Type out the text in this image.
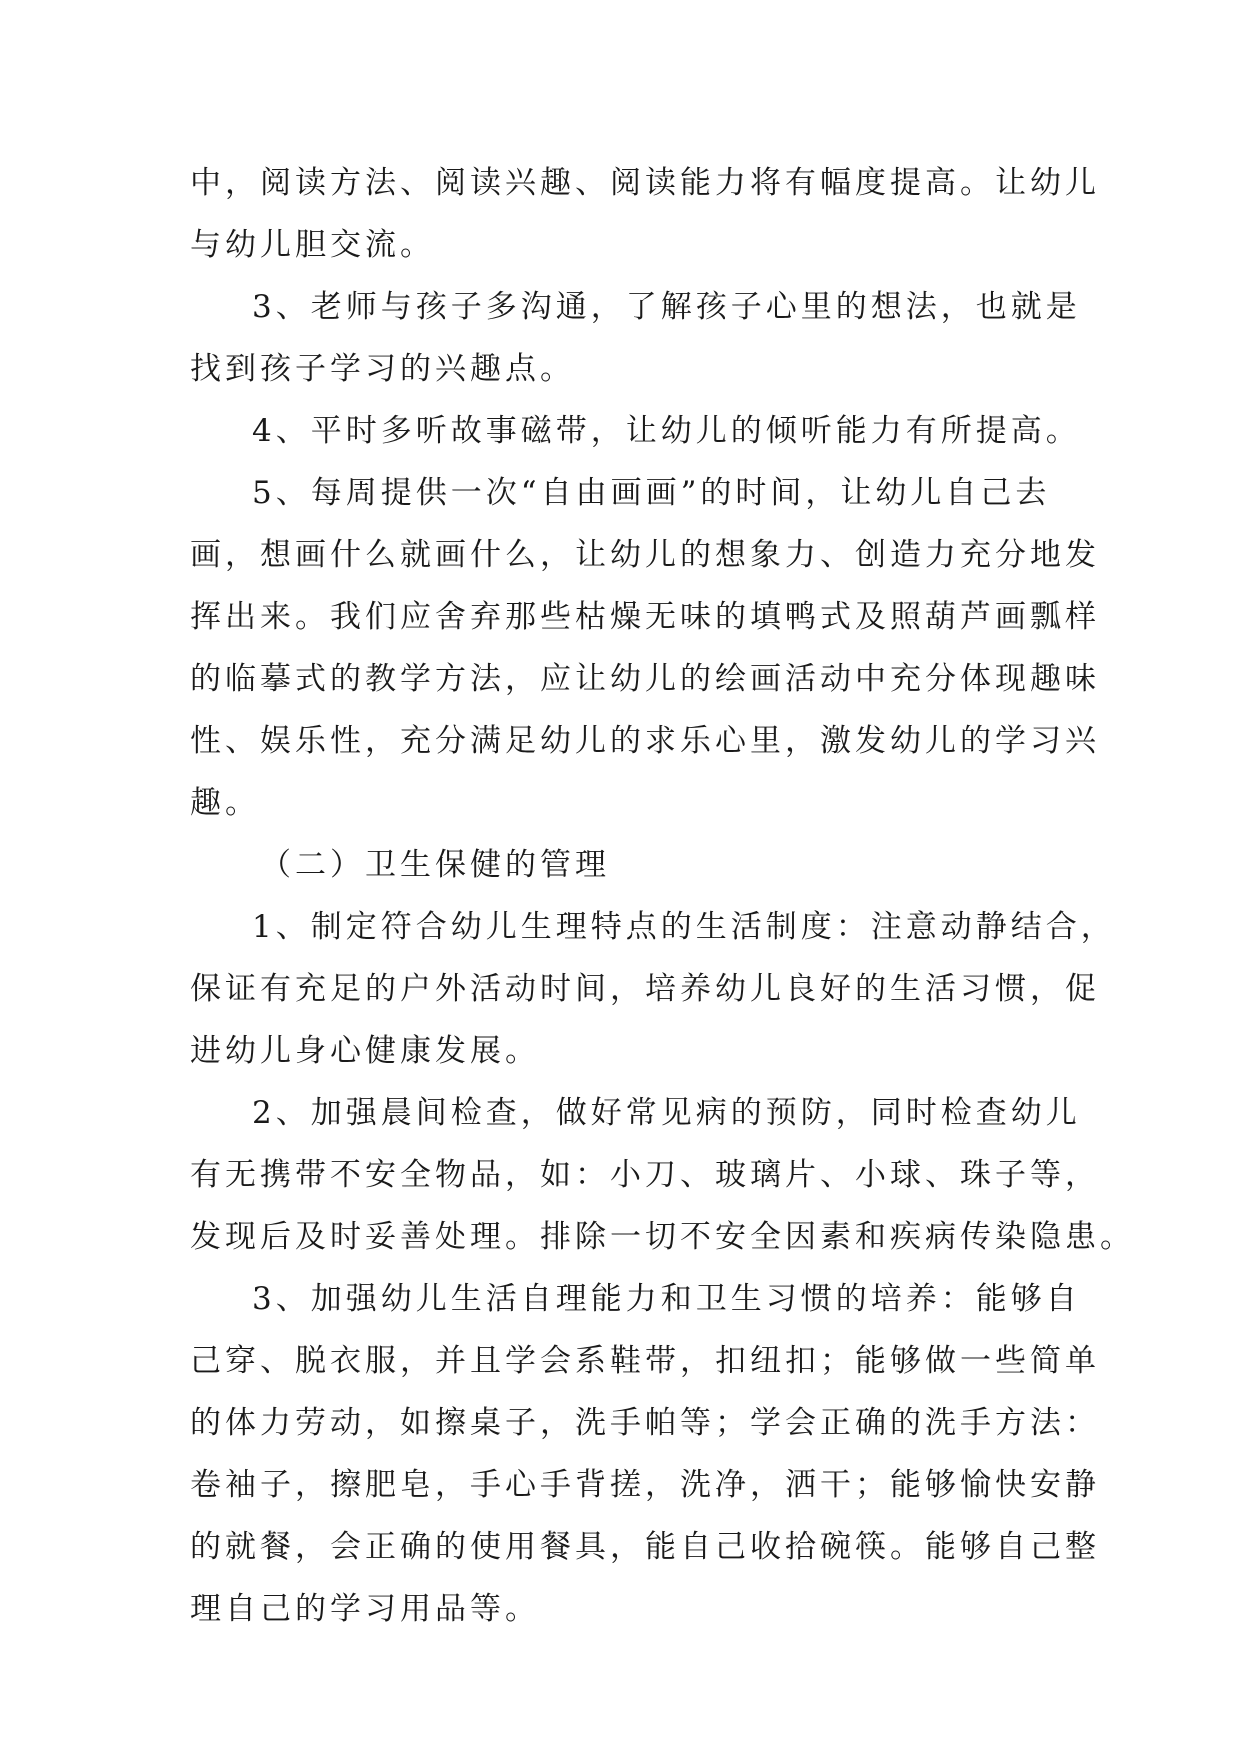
中，阅读方法、阅读兴趣、阅读能力将有幅度提高。让幼儿
与幼儿胆交流。
3、老师与孩子多沟通，了解孩子心里的想法，也就是
找到孩子学习的兴趣点。
4、平时多听故事磁带，让幼儿的倾听能力有所提高。
5、每周提供一次“自由画画”的时间，让幼儿自己去
画，想画什么就画什么，让幼儿的想象力、创造力充分地发
挥出来。我们应舍弃那些枯燥无味的填鸭式及照葫芦画瓢样
的临摹式的教学方法，应让幼儿的绘画活动中充分体现趣味
性、娱乐性，充分满足幼儿的求乐心里，激发幼儿的学习兴
趣。
（二）卫生保健的管理
1、制定符合幼儿生理特点的生活制度：注意动静结合，
保证有充足的户外活动时间，培养幼儿良好的生活习惯，促
进幼儿身心健康发展。
2、加强晨间检查，做好常见病的预防，同时检查幼儿
有无携带不安全物品，如：小刀、玻璃片、小球、珠子等，
发现后及时妥善处理。排除一切不安全因素和疾病传染隐患。
3、加强幼儿生活自理能力和卫生习惯的培养：能够自
己穿、脱衣服，并且学会系鞋带，扣纽扣；能够做一些简单
的体力劳动，如擦桌子，洗手帕等；学会正确的洗手方法：
卷袖子，擦肥皂，手心手背搓，洗净，洒干；能够愉快安静
的就餐，会正确的使用餐具，能自己收拾碗筷。能够自己整
理自己的学习用品等。
